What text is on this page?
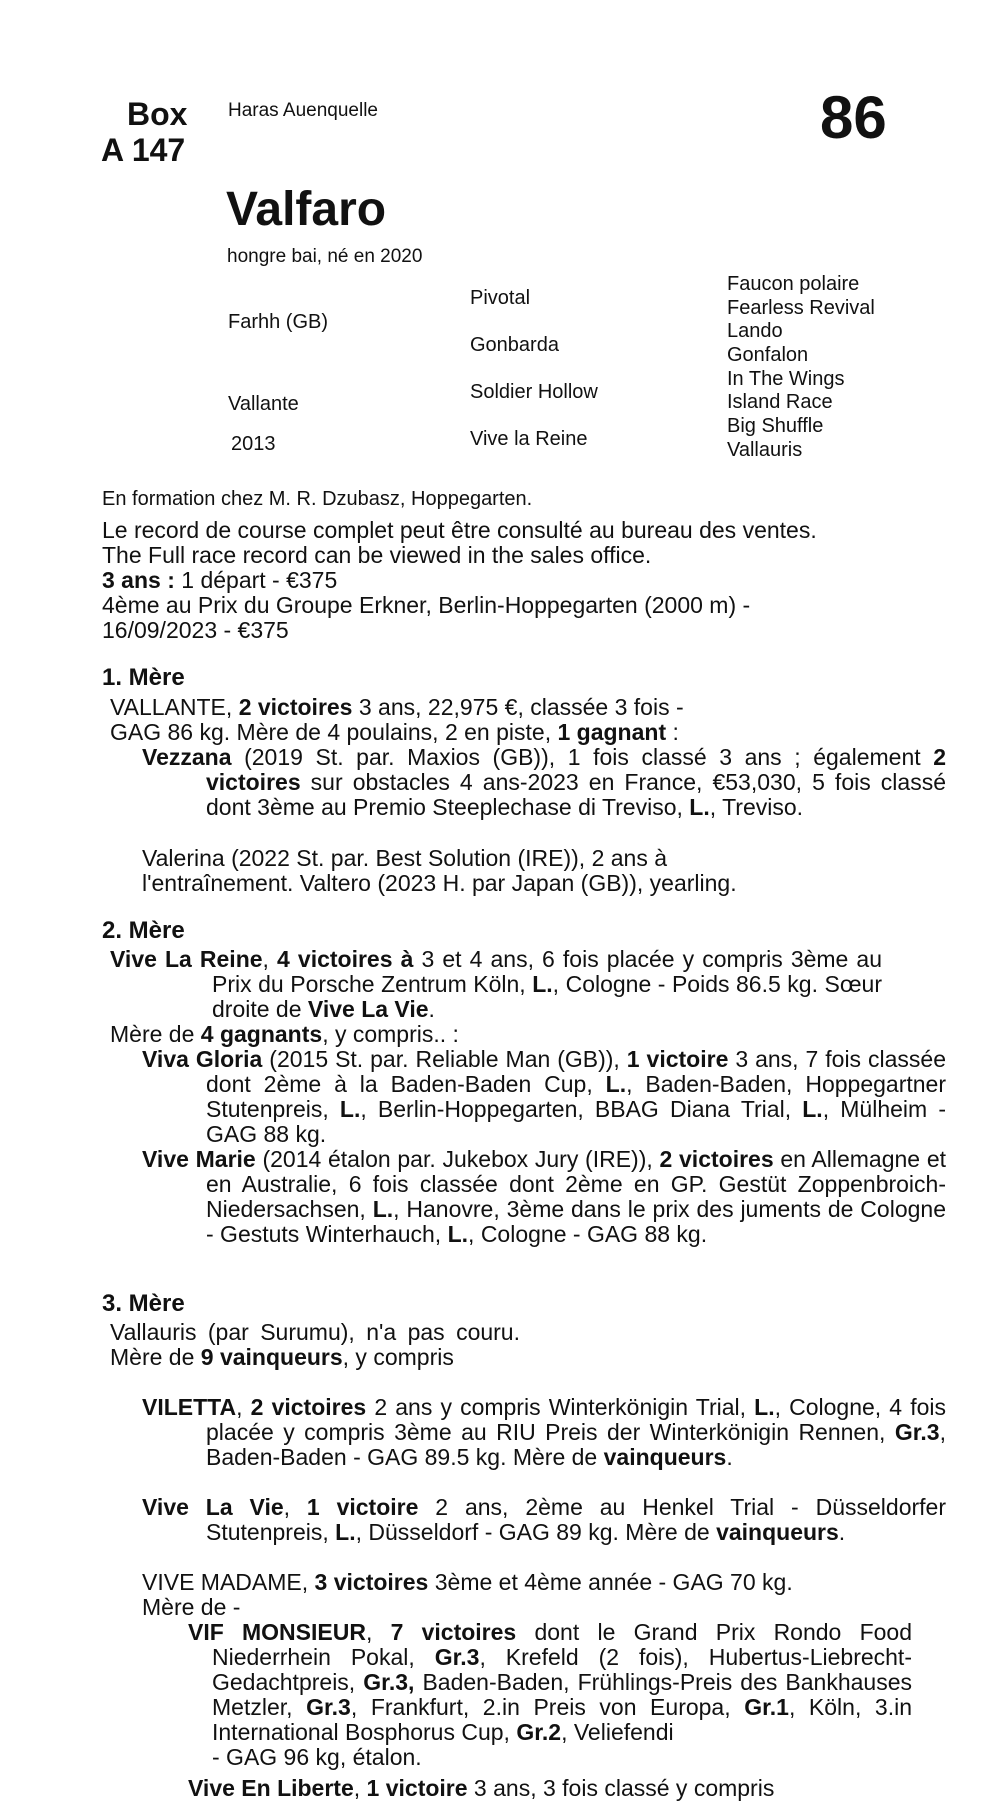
Box
A 147
Haras Auenquelle	86
Valfaro
hongre bai, né en 2020
Farhh (GB)
Vallante
2013
Pivotal
Gonbarda
Soldier Hollow
Vive la Reine
Faucon polaire
Fearless Revival
Lando
Gonfalon
In The Wings
Island Race
Big Shuffle
Vallauris
En formation chez M. R. Dzubasz, Hoppegarten.
Le record de course complet peut être consulté au bureau des ventes.
The Full race record can be viewed in the sales office.
3 ans : 1 départ - €375
4ème au Prix du Groupe Erkner, Berlin-Hoppegarten (2000 m) -
16/09/2023 - €375
1. Mère
VALLANTE, 2 victoires 3 ans, 22,975 €, classée 3 fois -
GAG 86 kg. Mère de 4 poulains, 2 en piste, 1 gagnant :
Vezzana (2019 St. par. Maxios (GB)), 1 fois classé 3 ans ; également 2 victoires sur obstacles 4 ans-2023 en France, €53,030, 5 fois classé dont 3ème au Premio Steeplechase di Treviso, L., Treviso.
Valerina (2022 St. par. Best Solution (IRE)), 2 ans à
l'entraînement. Valtero (2023 H. par Japan (GB)), yearling.
2. Mère
Vive La Reine, 4 victoires à 3 et 4 ans, 6 fois placée y compris 3ème au Prix du Porsche Zentrum Köln, L., Cologne - Poids 86.5 kg. Sœur droite de Vive La Vie.
Mère de 4 gagnants, y compris.. :
Viva Gloria (2015 St. par. Reliable Man (GB)), 1 victoire 3 ans, 7 fois classée dont 2ème à la Baden-Baden Cup, L., Baden-Baden, Hoppegartner Stutenpreis, L., Berlin-Hoppegarten, BBAG Diana Trial, L., Mülheim - GAG 88 kg.
Vive Marie (2014 étalon par. Jukebox Jury (IRE)), 2 victoires en Allemagne et en Australie, 6 fois classée dont 2ème en GP. Gestüt Zoppenbroich-Niedersachsen, L., Hanovre, 3ème dans le prix des juments de Cologne - Gestuts Winterhauch, L., Cologne - GAG 88 kg.
3. Mère
Vallauris (par Surumu), n'a pas couru. Mère de 9 vainqueurs, y compris
VILETTA, 2 victoires 2 ans y compris Winterkönigin Trial, L., Cologne, 4 fois placée y compris 3ème au RIU Preis der Winterkönigin Rennen, Gr.3, Baden-Baden - GAG 89.5 kg. Mère de vainqueurs.
Vive La Vie, 1 victoire 2 ans, 2ème au Henkel Trial - Düsseldorfer Stutenpreis, L., Düsseldorf - GAG 89 kg. Mère de vainqueurs.
VIVE MADAME, 3 victoires 3ème et 4ème année - GAG 70 kg.
Mère de -
VIF MONSIEUR, 7 victoires dont le Grand Prix Rondo Food Niederrhein Pokal, Gr.3, Krefeld (2 fois), Hubertus-Liebrecht- Gedachtpreis, Gr.3, Baden-Baden, Frühlings-Preis des Bankhauses Metzler, Gr.3, Frankfurt, 2.in Preis von Europa, Gr.1, Köln, 3.in International Bosphorus Cup, Gr.2, Veliefendi
- GAG 96 kg, étalon.
Vive En Liberte, 1 victoire 3 ans, 3 fois classé y compris
